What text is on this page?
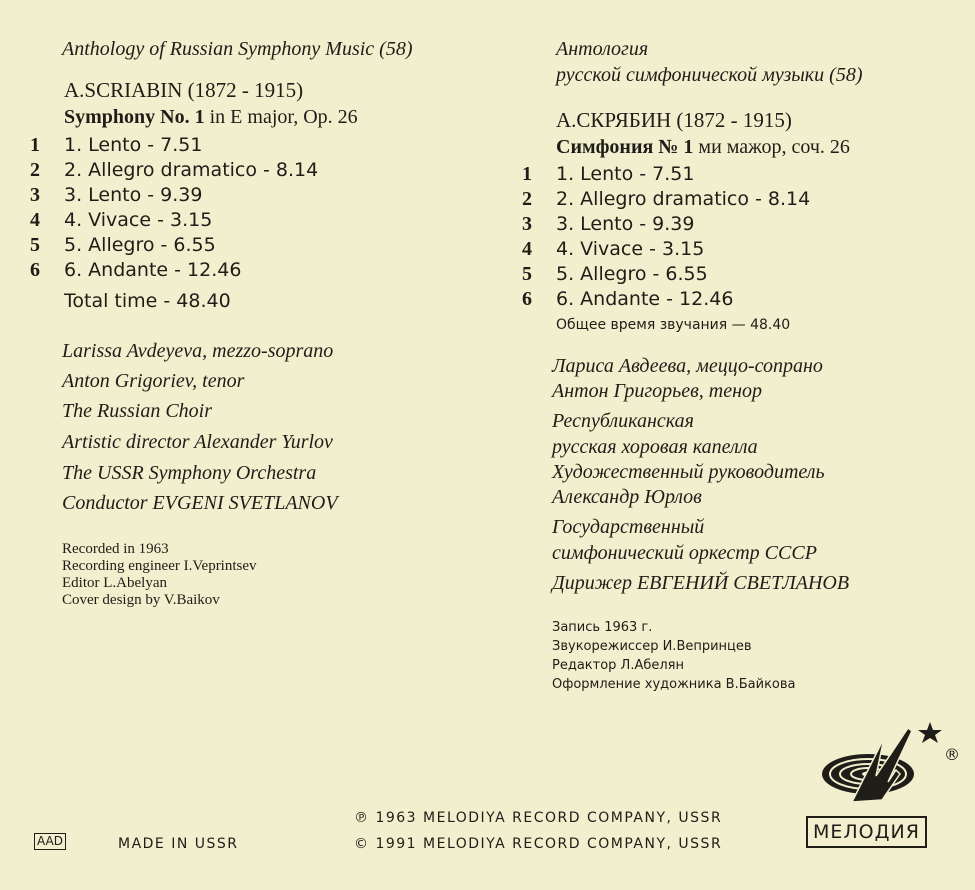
Anthology of Russian Symphony Music (58)
A.SCRIABIN (1872 - 1915)
Symphony No. 1 in E major, Op. 26
1 1. Lento - 7.51
2 2. Allegro dramatico - 8.14
3 3. Lento - 9.39
4 4. Vivace - 3.15
5 5. Allegro - 6.55
6 6. Andante - 12.46
Total time - 48.40
Larissa Avdeyeva, mezzo-soprano
Anton Grigoriev, tenor
The Russian Choir
Artistic director Alexander Yurlov
The USSR Symphony Orchestra
Conductor EVGENI SVETLANOV
Recorded in 1963
Recording engineer I.Veprintsev
Editor L.Abelyan
Cover design by V.Baikov
Антология
русской симфонической музыки (58)
А.СКРЯБИН (1872 - 1915)
Симфония № 1 ми мажор, соч. 26
1 1. Lento - 7.51
2 2. Allegro dramatico - 8.14
3 3. Lento - 9.39
4 4. Vivace - 3.15
5 5. Allegro - 6.55
6 6. Andante - 12.46
Общее время звучания — 48.40
Лариса Авдеева, меццо-сопрано
Антон Григорьев, тенор
Республиканская
русская хоровая капелла
Художественный руководитель
Александр Юрлов
Государственный
симфонический оркестр СССР
Дирижер ЕВГЕНИЙ СВЕТЛАНОВ
Запись 1963 г.
Звукорежиссер И.Вепринцев
Редактор Л.Абелян
Оформление художника В.Байкова
®
МЕЛОДИЯ
AAD	MADE IN USSR
℗ 1963 MELODIYA RECORD COMPANY, USSR
© 1991 MELODIYA RECORD COMPANY, USSR
